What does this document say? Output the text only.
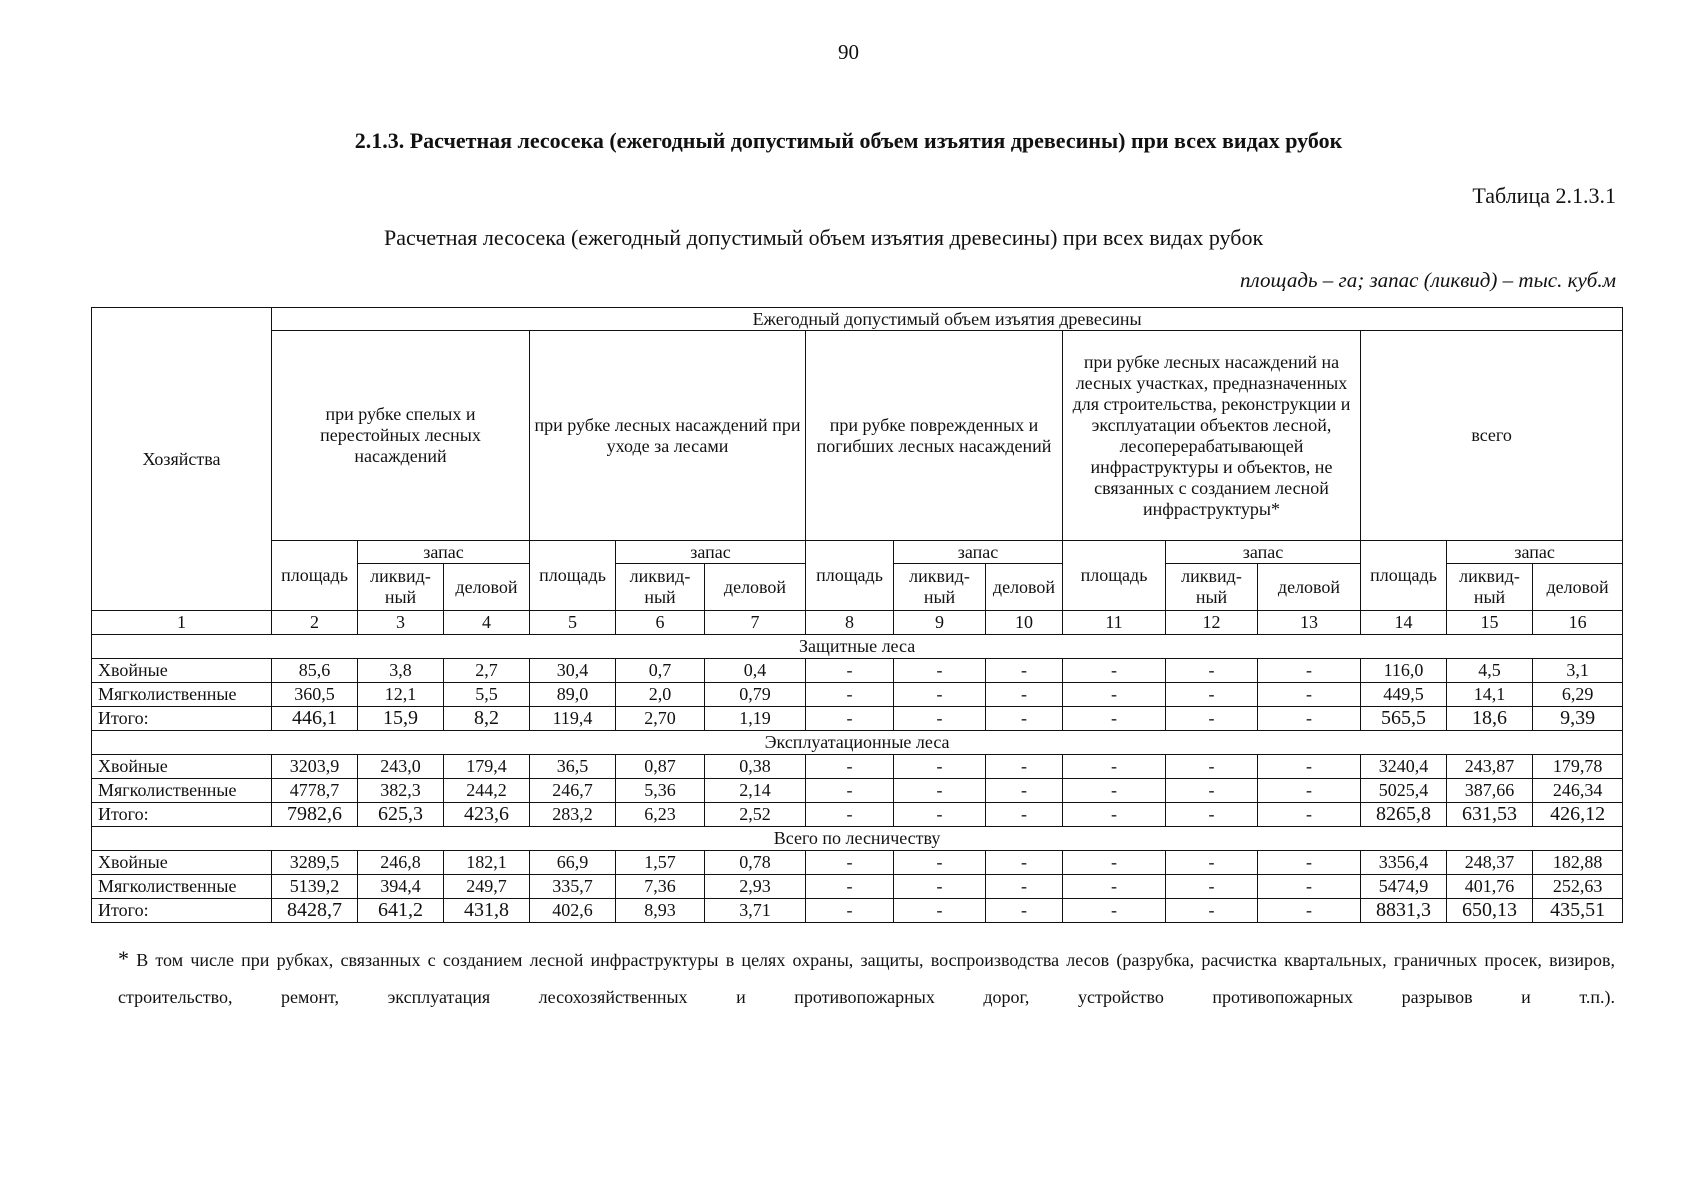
90
2.1.3. Расчетная лесосека (ежегодный допустимый объем изъятия древесины) при всех видах рубок
Таблица 2.1.3.1
Расчетная лесосека (ежегодный допустимый объем изъятия древесины) при всех видах рубок
площадь – га; запас (ликвид) – тыс. куб.м
Хозяйства	Ежегодный допустимый объем изъятия древесины														
	при рубке спелых и перестойных лесных насаждений			при рубке лесных насаждений при уходе за лесами			при рубке поврежденных и погибших лесных насаждений			при рубке лесных насаждений на лесных участках, предназначенных для строительства, реконструкции и эксплуатации объектов лесной, лесоперерабатывающей инфраструктуры и объектов, не связанных с созданием лесной инфраструктуры*			всего		
	площадь	запас		площадь	запас		площадь	запас		площадь	запас		площадь	запас	
		ликвид-ный	деловой		ликвид-ный	деловой		ликвид-ный	деловой		ликвид-ный	деловой		ликвид-ный	деловой
1	2	3	4	5	6	7	8	9	10	11	12	13	14	15	16
Защитные леса															
Хвойные	85,6	3,8	2,7	30,4	0,7	0,4	-	-	-	-	-	-	116,0	4,5	3,1
Мягколиственные	360,5	12,1	5,5	89,0	2,0	0,79	-	-	-	-	-	-	449,5	14,1	6,29
Итого:	446,1	15,9	8,2	119,4	2,70	1,19	-	-	-	-	-	-	565,5	18,6	9,39
Эксплуатационные леса															
Хвойные	3203,9	243,0	179,4	36,5	0,87	0,38	-	-	-	-	-	-	3240,4	243,87	179,78
Мягколиственные	4778,7	382,3	244,2	246,7	5,36	2,14	-	-	-	-	-	-	5025,4	387,66	246,34
Итого:	7982,6	625,3	423,6	283,2	6,23	2,52	-	-	-	-	-	-	8265,8	631,53	426,12
Всего по лесничеству															
Хвойные	3289,5	246,8	182,1	66,9	1,57	0,78	-	-	-	-	-	-	3356,4	248,37	182,88
Мягколиственные	5139,2	394,4	249,7	335,7	7,36	2,93	-	-	-	-	-	-	5474,9	401,76	252,63
Итого:	8428,7	641,2	431,8	402,6	8,93	3,71	-	-	-	-	-	-	8831,3	650,13	435,51
* В том числе при рубках, связанных с созданием лесной инфраструктуры в целях охраны, защиты, воспроизводства лесов (разрубка, расчистка квартальных, граничных просек, визиров, строительство, ремонт, эксплуатация лесохозяйственных и противопожарных дорог, устройство противопожарных разрывов и т.п.).
